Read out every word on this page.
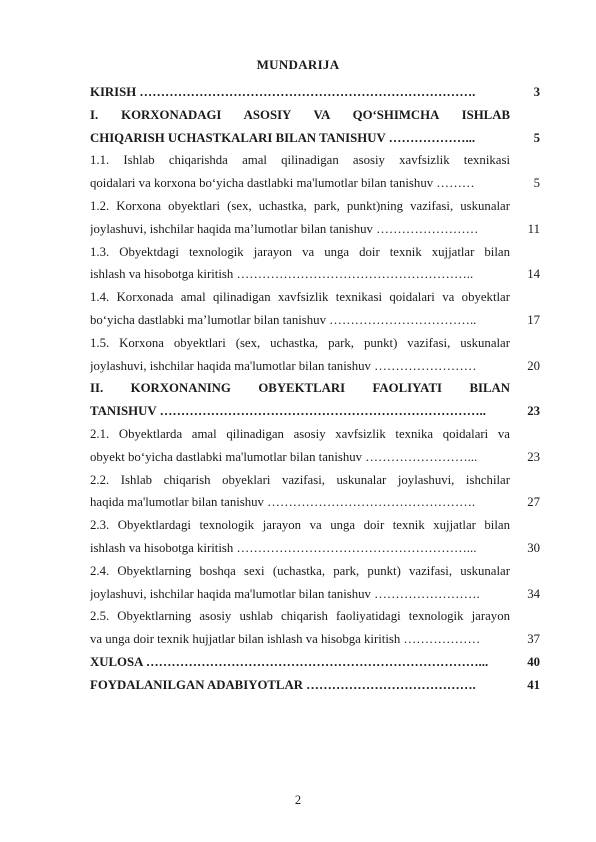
MUNDARIJA
KIRISH …………………………………………………………………….	3
I. KORXONADAGI ASOSIY VA QO‘SHIMCHA ISHLAB
CHIQARISH UCHASTKALARI BILAN TANISHUV ………………...	5
1.1. Ishlab chiqarishda amal qilinadigan asosiy xavfsizlik texnikasi
qoidalari va korxona bo‘yicha dastlabki ma'lumotlar bilan tanishuv ………	5
1.2. Korxona obyektlari (sex, uchastka, park, punkt)ning vazifasi, uskunalar
joylashuvi, ishchilar haqida ma’lumotlar bilan tanishuv ……………………	11
1.3. Obyektdagi texnologik jarayon va unga doir texnik xujjatlar bilan
ishlash va hisobotga kiritish ………………………………………………..	14
1.4. Korxonada amal qilinadigan xavfsizlik texnikasi qoidalari va obyektlar
bo‘yicha dastlabki ma’lumotlar bilan tanishuv ……………………………..	17
1.5. Korxona obyektlari (sex, uchastka, park, punkt) vazifasi, uskunalar
joylashuvi, ishchilar haqida ma'lumotlar bilan tanishuv ……………………	20
II. KORXONANING OBYEKTLARI FAOLIYATI BILAN
TANISHUV …………………………………………………………………..	23
2.1. Obyektlarda amal qilinadigan asosiy xavfsizlik texnika qoidalari va
obyekt bo‘yicha dastlabki ma'lumotlar bilan tanishuv ……………………...	23
2.2. Ishlab chiqarish obyeklari vazifasi, uskunalar joylashuvi, ishchilar
haqida ma'lumotlar bilan tanishuv ………………………………………….	27
2.3. Obyektlardagi texnologik jarayon va unga doir texnik xujjatlar bilan
ishlash va hisobotga kiritish ………………………………………………...	30
2.4. Obyektlarning boshqa sexi (uchastka, park, punkt) vazifasi, uskunalar
joylashuvi, ishchilar haqida ma'lumotlar bilan tanishuv …………………….	34
2.5. Obyektlarning asosiy ushlab chiqarish faoliyatidagi texnologik jarayon
va unga doir texnik hujjatlar bilan ishlash va hisobga kiritish ………………	37
XULOSA ……………………………………………………………………...	40
FOYDALANILGAN ADABIYOTLAR ………………………………….	41
2
